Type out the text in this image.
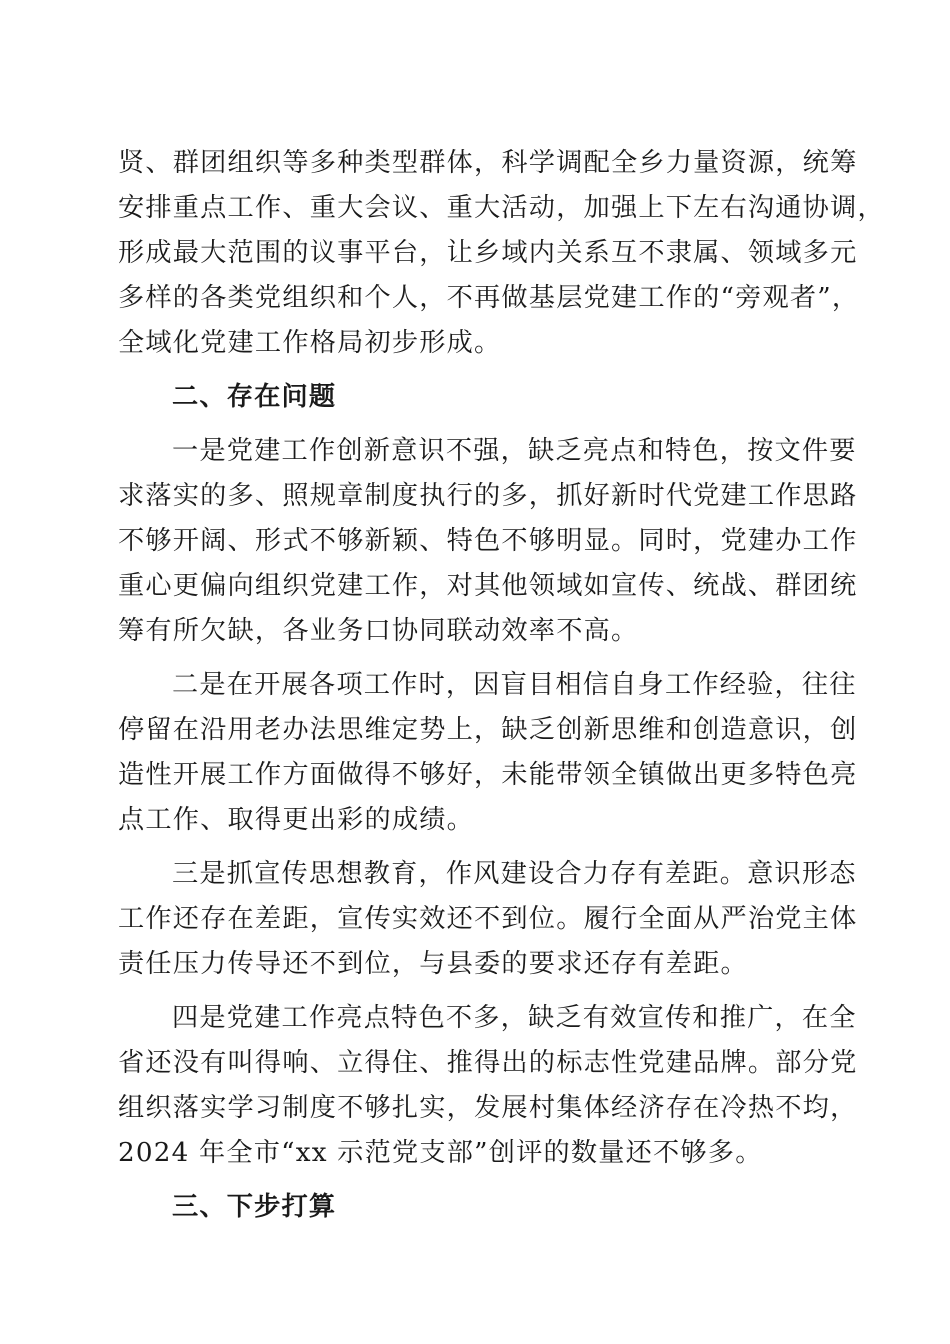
贤、群团组织等多种类型群体，科学调配全乡力量资源，统筹
安排重点工作、重大会议、重大活动，加强上下左右沟通协调，
形成最大范围的议事平台，让乡域内关系互不隶属、领域多元
多样的各类党组织和个人，不再做基层党建工作的“旁观者”，
全域化党建工作格局初步形成。
二、存在问题
一是党建工作创新意识不强，缺乏亮点和特色，按文件要
求落实的多、照规章制度执行的多，抓好新时代党建工作思路
不够开阔、形式不够新颖、特色不够明显。同时，党建办工作
重心更偏向组织党建工作，对其他领域如宣传、统战、群团统
筹有所欠缺，各业务口协同联动效率不高。
二是在开展各项工作时，因盲目相信自身工作经验，往往
停留在沿用老办法思维定势上，缺乏创新思维和创造意识，创
造性开展工作方面做得不够好，未能带领全镇做出更多特色亮
点工作、取得更出彩的成绩。
三是抓宣传思想教育，作风建设合力存有差距。意识形态
工作还存在差距，宣传实效还不到位。履行全面从严治党主体
责任压力传导还不到位，与县委的要求还存有差距。
四是党建工作亮点特色不多，缺乏有效宣传和推广，在全
省还没有叫得响、立得住、推得出的标志性党建品牌。部分党
组织落实学习制度不够扎实，发展村集体经济存在冷热不均，
2024 年全市“xx 示范党支部”创评的数量还不够多。
三、下步打算
